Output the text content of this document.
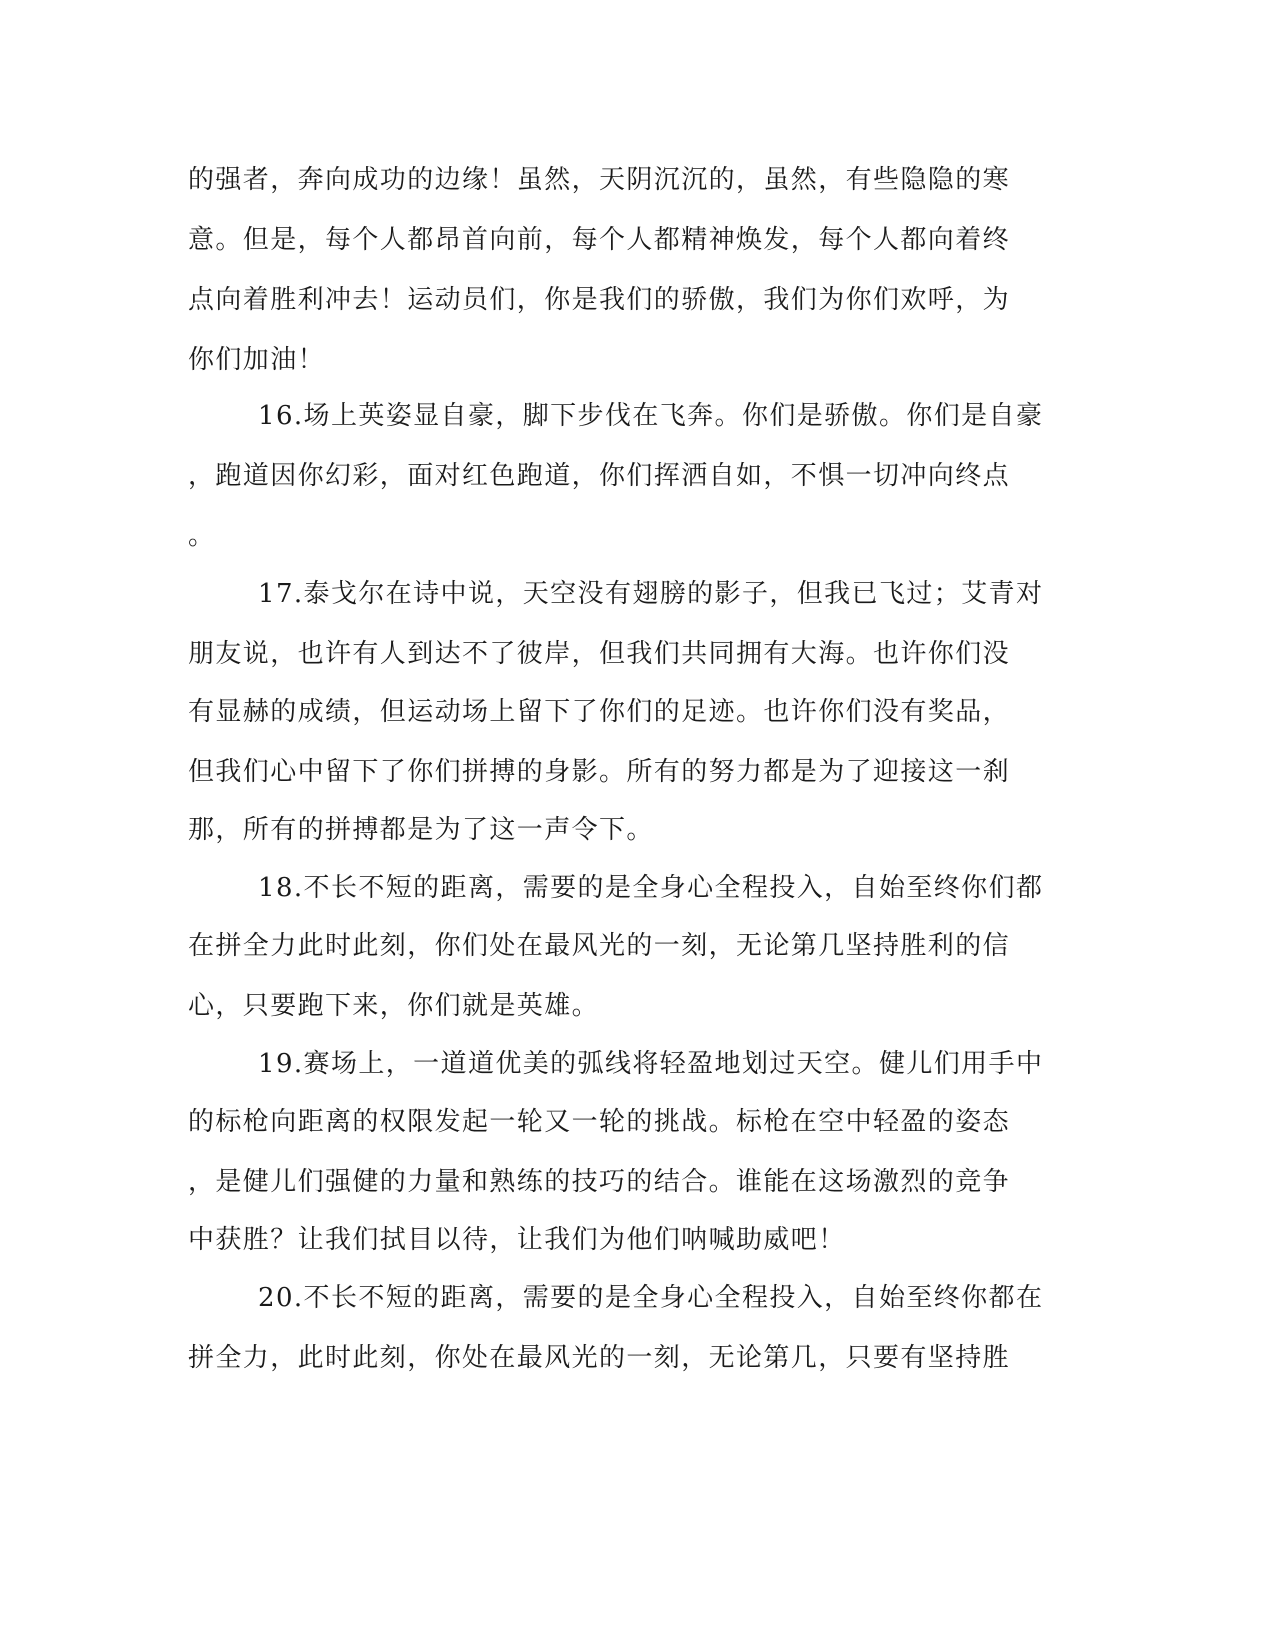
的强者，奔向成功的边缘！虽然，天阴沉沉的，虽然，有些隐隐的寒
意。但是，每个人都昂首向前，每个人都精神焕发，每个人都向着终
点向着胜利冲去！运动员们，你是我们的骄傲，我们为你们欢呼，为
你们加油！
16.场上英姿显自豪，脚下步伐在飞奔。你们是骄傲。你们是自豪
，跑道因你幻彩，面对红色跑道，你们挥洒自如，不惧一切冲向终点
。
17.泰戈尔在诗中说，天空没有翅膀的影子，但我已飞过；艾青对
朋友说，也许有人到达不了彼岸，但我们共同拥有大海。也许你们没
有显赫的成绩，但运动场上留下了你们的足迹。也许你们没有奖品，
但我们心中留下了你们拼搏的身影。所有的努力都是为了迎接这一刹
那，所有的拼搏都是为了这一声令下。
18.不长不短的距离，需要的是全身心全程投入，自始至终你们都
在拼全力此时此刻，你们处在最风光的一刻，无论第几坚持胜利的信
心，只要跑下来，你们就是英雄。
19.赛场上，一道道优美的弧线将轻盈地划过天空。健儿们用手中
的标枪向距离的权限发起一轮又一轮的挑战。标枪在空中轻盈的姿态
，是健儿们强健的力量和熟练的技巧的结合。谁能在这场激烈的竞争
中获胜？让我们拭目以待，让我们为他们呐喊助威吧！
20.不长不短的距离，需要的是全身心全程投入，自始至终你都在
拼全力，此时此刻，你处在最风光的一刻，无论第几，只要有坚持胜
